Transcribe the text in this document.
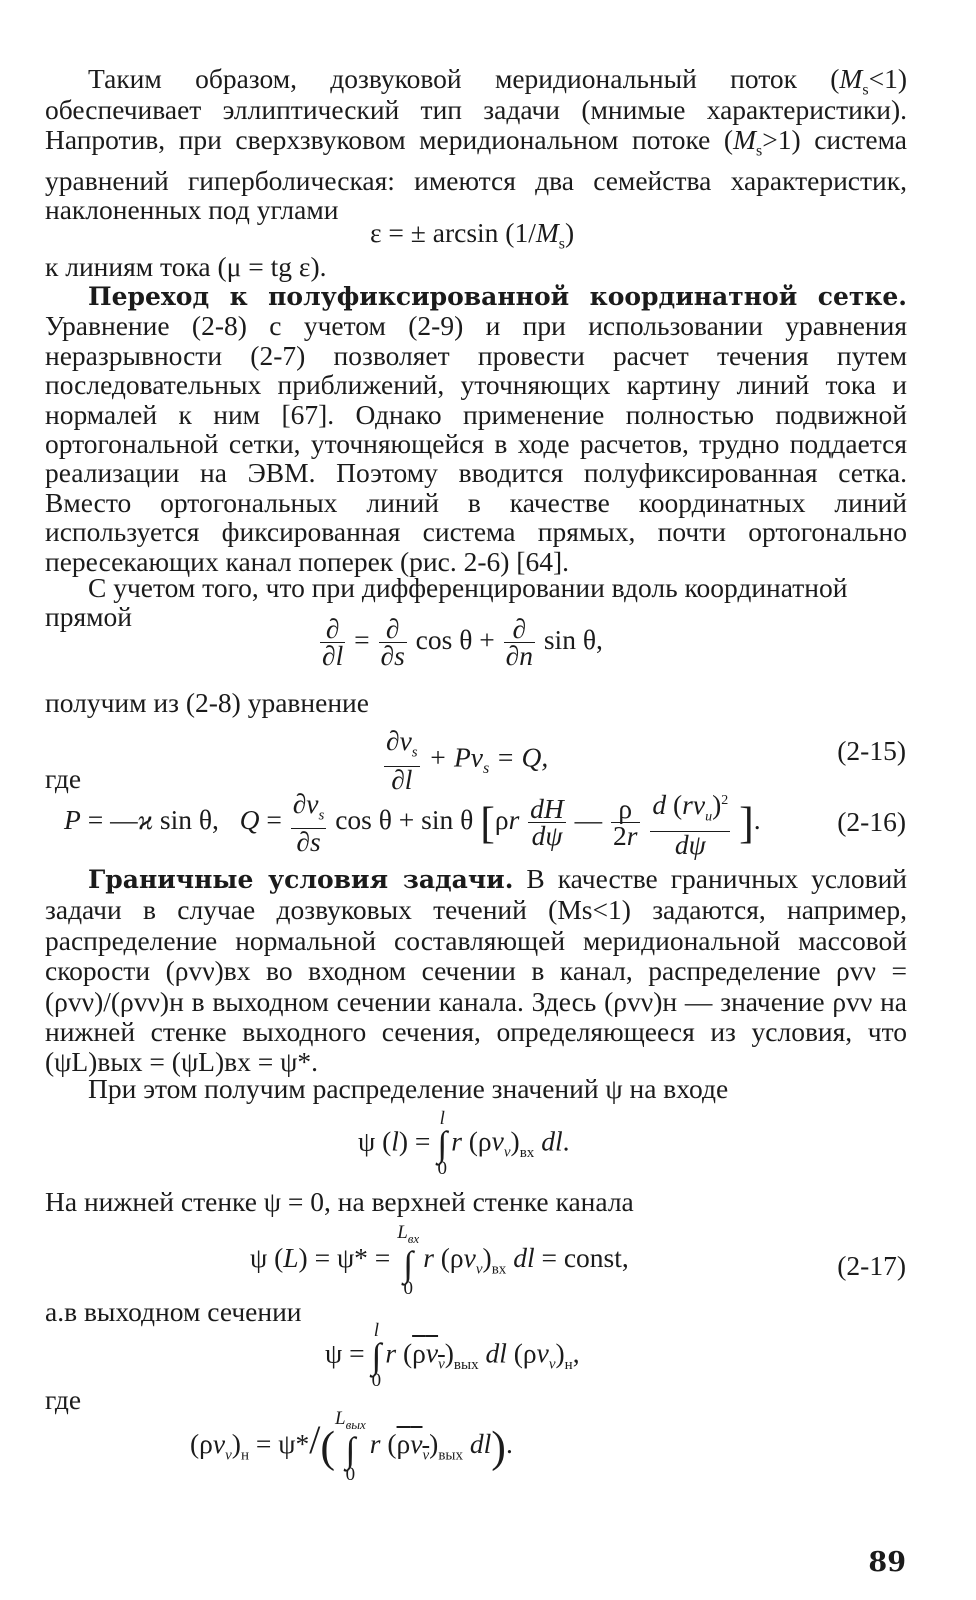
Таким образом, дозвуковой меридиональный поток $(M_s<1)$
обеспечивает эллиптический тип задачи (мнимые характеристики). Напротив, при сверхзвуковом меридиональном потоке $(M_s>1)$ система уравнений гиперболическая: имеются два семейства характеристик, наклоненных под углами
ε = ± $\arcsin (1/M_s)$
к линиям тока (μ = tg ε).
Переход к полуфиксированной координатной сетке. Уравнение (2-8) с учетом (2-9) и при использовании уравнения неразрывности (2-7) позволяет провести расчет течения путем последовательных приближений, уточняющих картину линий тока и нормалей к ним [67]. Однако применение полностью подвижной ортогональной сетки, уточняющейся в ходе расчетов, трудно поддается реализации на ЭВМ. Поэтому вводится полуфиксированная сетка. Вместо ортогональных линий в качестве координатных линий используется фиксированная система прямых, почти ортогонально пересекающих канал поперек (рис. 2-6) [64].
С учетом того, что при дифференцировании вдоль координатной
прямой	$\frac{\partial}{\partial l} = \frac{\partial}{\partial s}$ $\cos \theta + \frac{\partial}{\partial n}$ sin θ,
получим из (2-8) уравнение
$\frac{\partial v_s}{\partial l} + Pv_s = Q$,	(2-15)
где
P = —ϰ sin θ,   $Q = \frac{\partial v_s}{\partial s}$ cos θ + sin θ [$\rho r \frac{dH}{d\psi}$ — $\frac{\rho}{2r}$
$\frac{d (rv_u)^2}{d\psi}$ ].	(2-16)
Граничные условия задачи. В качестве граничных условий задачи в случае дозвуковых течений (Ms<1) задаются, например, распределение нормальной составляющей меридиональной массовой скорости (ρvν)вх во входном сечении в канал, распределение ρvν = (ρvν)/(ρvν)н в выходном сечении канала. Здесь (ρvν)н — значение ρvν на нижней стенке выходного сечения, определяющееся из условия, что (ψL)вых = (ψL)вх = ψ*.
При этом получим распределение значений ψ на входе
ψ (l) =
l
∫
0
r $(\rho v_\nu)_{вх}$ dl.
На нижней стенке ψ = 0, на верхней стенке канала
ψ (L) = ψ* =
$L_{вх}$
∫
0
r $(\rho v_\nu)_{вх}$ dl = const,	(2-17)
а.в выходном сечении
ψ =
l
∫
0
r $(\rho v_\nu)_{вых}$ dl $(\rho v_\nu)_н$,
где
$(\rho v_\nu)_н = \psi*/$(
$L_{вых}$
∫
0
r $(\rho v_\nu)_{вых}$ dl).
89
